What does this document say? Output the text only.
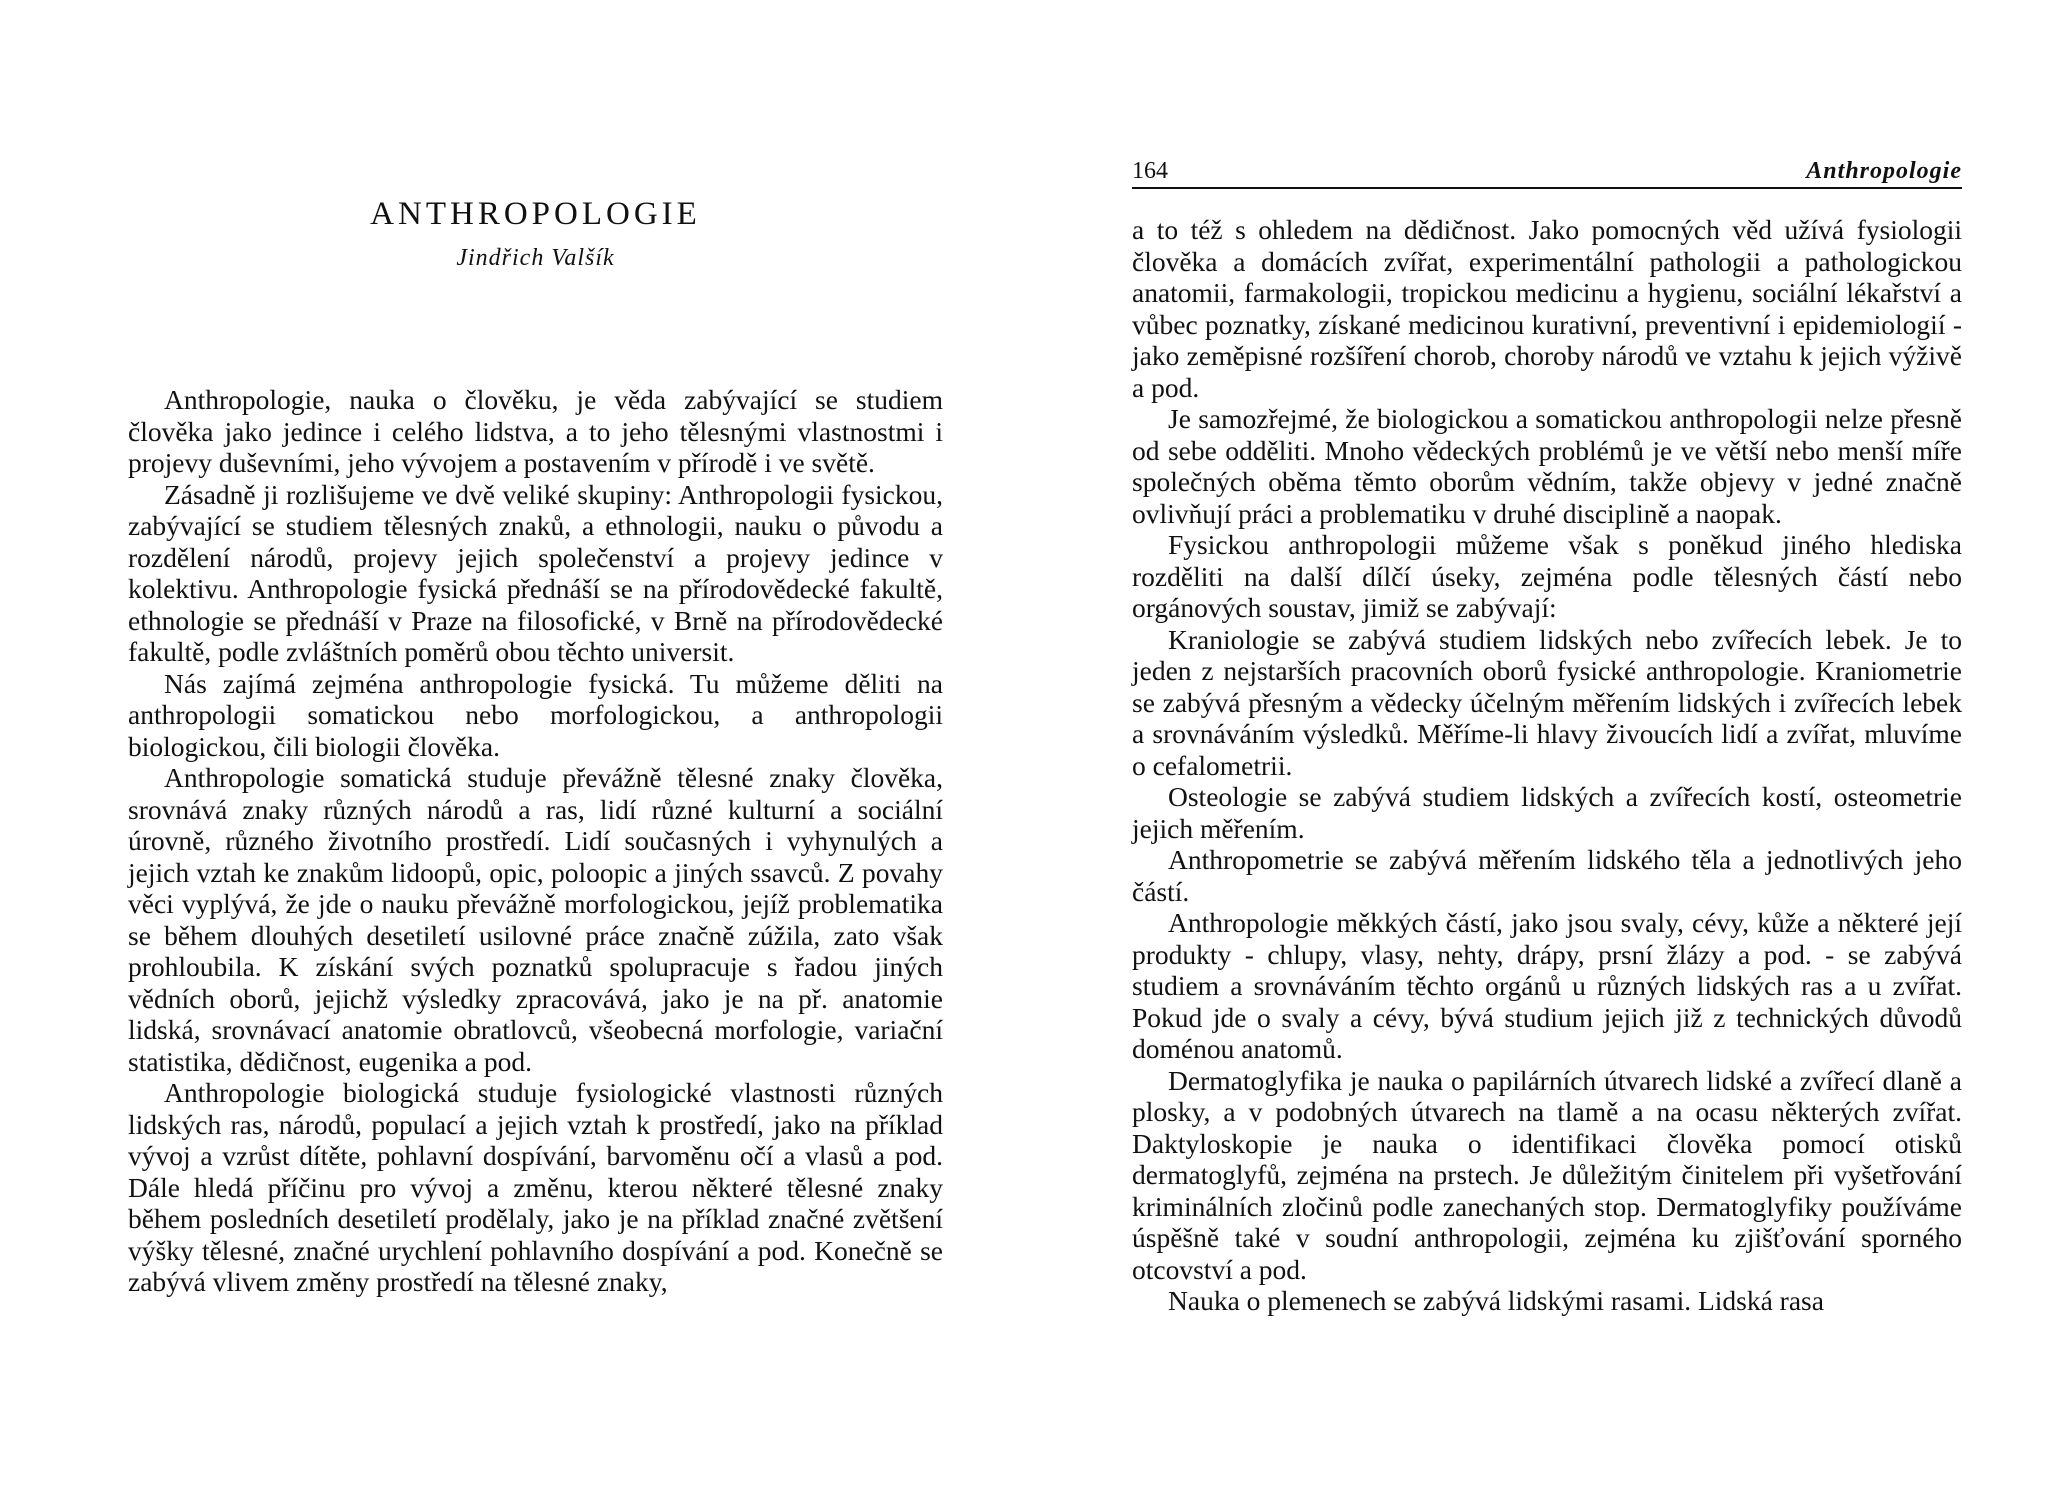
ANTHROPOLOGIE
Jindřich Valšík

Anthropologie, nauka o člověku, je věda zabývající se studiem člověka jako jedince i celého lidstva, a to jeho tělesnými vlastnostmi i projevy duševními, jeho vývojem a postavením v přírodě i ve světě.

Zásadně ji rozlišujeme ve dvě veliké skupiny: Anthropologii fysickou, zabývající se studiem tělesných znaků, a ethnologii, nauku o původu a rozdělení národů, projevy jejich společenství a projevy jedince v kolektivu. Anthropologie fysická přednáší se na přírodovědecké fakultě, ethnologie se přednáší v Praze na filosofické, v Brně na přírodovědecké fakultě, podle zvláštních poměrů obou těchto universit.

Nás zajímá zejména anthropologie fysická. Tu můžeme děliti na anthropologii somatickou nebo morfologickou, a anthropologii biologickou, čili biologii člověka.

Anthropologie somatická studuje převážně tělesné znaky člověka, srovnává znaky různých národů a ras, lidí různé kulturní a sociální úrovně, různého životního prostředí. Lidí současných i vyhynulých a jejich vztah ke znakům lidoopů, opic, poloopic a jiných ssavců. Z povahy věci vyplývá, že jde o nauku převážně morfologickou, jejíž problematika se během dlouhých desetiletí usilovné práce značně zúžila, zato však prohloubila. K získání svých poznatků spolupracuje s řadou jiných vědních oborů, jejichž výsledky zpracovává, jako je na př. anatomie lidská, srovnávací anatomie obratlovců, všeobecná morfologie, variační statistika, dědičnost, eugenika a pod.

Anthropologie biologická studuje fysiologické vlastnosti různých lidských ras, národů, populací a jejich vztah k prostředí, jako na příklad vývoj a vzrůst dítěte, pohlavní dospívání, barvoměnu očí a vlasů a pod. Dále hledá příčinu pro vývoj a změnu, kterou některé tělesné znaky během posledních desetiletí prodělaly, jako je na příklad značné zvětšení výšky tělesné, značné urychlení pohlavního dospívání a pod. Konečně se zabývá vlivem změny prostředí na tělesné znaky,

164	Anthropologie

a to též s ohledem na dědičnost. Jako pomocných věd užívá fysiologii člověka a domácích zvířat, experimentální pathologii a pathologickou anatomii, farmakologii, tropickou medicinu a hygienu, sociální lékařství a vůbec poznatky, získané medicinou kurativní, preventivní i epidemiologií - jako zeměpisné rozšíření chorob, choroby národů ve vztahu k jejich výživě a pod.

Je samozřejmé, že biologickou a somatickou anthropologii nelze přesně od sebe odděliti. Mnoho vědeckých problémů je ve větší nebo menší míře společných oběma těmto oborům vědním, takže objevy v jedné značně ovlivňují práci a problematiku v druhé disciplině a naopak.

Fysickou anthropologii můžeme však s poněkud jiného hlediska rozděliti na další dílčí úseky, zejména podle tělesných částí nebo orgánových soustav, jimiž se zabývají:

Kraniologie se zabývá studiem lidských nebo zvířecích lebek. Je to jeden z nejstarších pracovních oborů fysické anthropologie. Kraniometrie se zabývá přesným a vědecky účelným měřením lidských i zvířecích lebek a srovnáváním výsledků. Měříme-li hlavy živoucích lidí a zvířat, mluvíme o cefalometrii.

Osteologie se zabývá studiem lidských a zvířecích kostí, osteometrie jejich měřením.

Anthropometrie se zabývá měřením lidského těla a jednotlivých jeho částí.

Anthropologie měkkých částí, jako jsou svaly, cévy, kůže a některé její produkty - chlupy, vlasy, nehty, drápy, prsní žlázy a pod. - se zabývá studiem a srovnáváním těchto orgánů u různých lidských ras a u zvířat. Pokud jde o svaly a cévy, bývá studium jejich již z technických důvodů doménou anatomů.

Dermatoglyfika je nauka o papilárních útvarech lidské a zvířecí dlaně a plosky, a v podobných útvarech na tlamě a na ocasu některých zvířat. Daktyloskopie je nauka o identifikaci člověka pomocí otisků dermatoglyfů, zejména na prstech. Je důležitým činitelem při vyšetřování kriminálních zločinů podle zanechaných stop. Dermatoglyfiky používáme úspěšně také v soudní anthropologii, zejména ku zjišťování sporného otcovství a pod.

Nauka o plemenech se zabývá lidskými rasami. Lidská rasa
